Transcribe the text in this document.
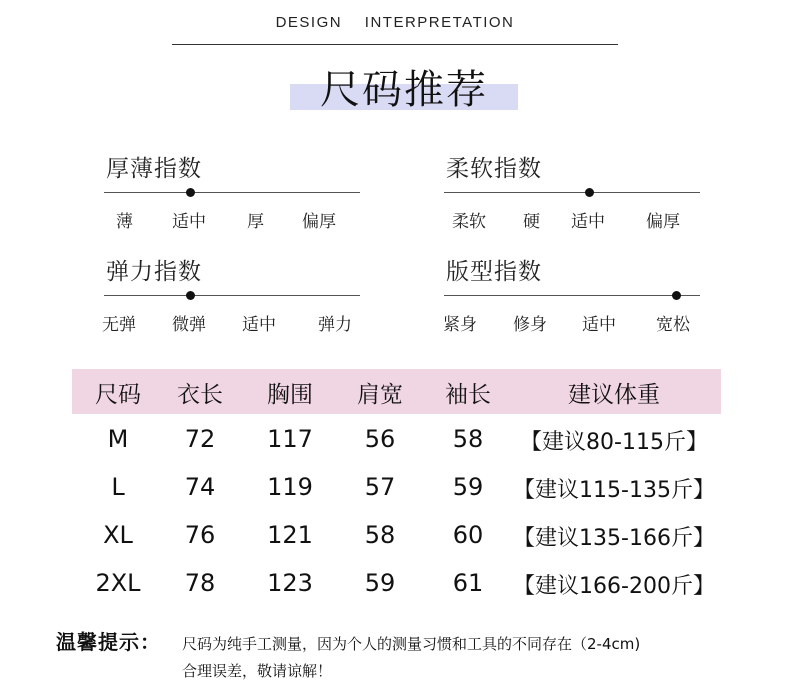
DESIGN INTERPRETATION
尺码推荐
厚薄指数
薄 适中 厚 偏厚
柔软指数
柔软 硬 适中 偏厚
弹力指数
无弹 微弹 适中 弹力
版型指数
紧身 修身 适中 宽松
尺码	衣长	胸围	肩宽	袖长	建议体重
M	72	117	56	58	【建议80-115斤】
L	74	119	57	59	【建议115-135斤】
XL	76	121	58	60	【建议135-166斤】
2XL	78	123	59	61	【建议166-200斤】
温馨提示： 尺码为纯手工测量，因为个人的测量习惯和工具的不同存在（2-4cm)
合理误差，敬请谅解！
